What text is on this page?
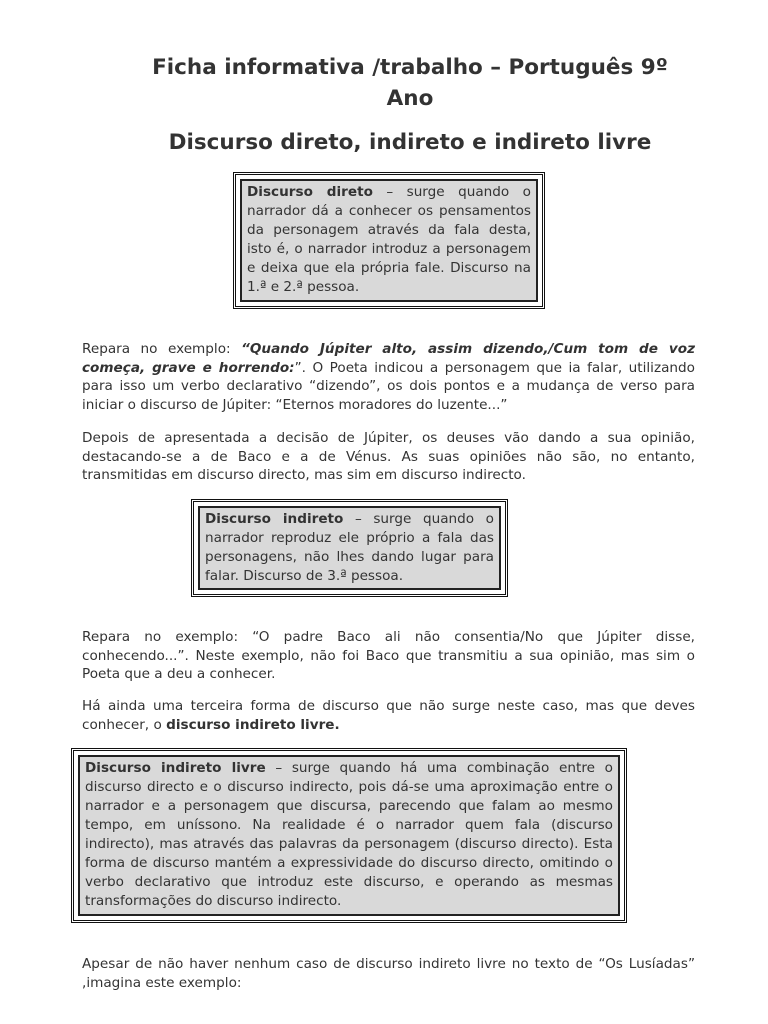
Ficha informativa /trabalho – Português 9º
Ano
Discurso direto, indireto e indireto livre
Discurso direto – surge quando o narrador dá a conhecer os pensamentos da personagem através da fala desta, isto é, o narrador introduz a personagem e deixa que ela própria fale. Discurso na 1.ª e 2.ª pessoa.

Repara no exemplo: “Quando Júpiter alto, assim dizendo,/Cum tom de voz começa, grave e horrendo:”. O Poeta indicou a personagem que ia falar, utilizando para isso um verbo declarativo “dizendo”, os dois pontos e a mudança de verso para iniciar o discurso de Júpiter: “Eternos moradores do luzente...”

Depois de apresentada a decisão de Júpiter, os deuses vão dando a sua opinião, destacando-se a de Baco e a de Vénus. As suas opiniões não são, no entanto, transmitidas em discurso directo, mas sim em discurso indirecto.

Discurso indireto – surge quando o narrador reproduz ele próprio a fala das personagens, não lhes dando lugar para falar. Discurso de 3.ª pessoa.

Repara no exemplo: “O padre Baco ali não consentia/No que Júpiter disse, conhecendo...”. Neste exemplo, não foi Baco que transmitiu a sua opinião, mas sim o Poeta que a deu a conhecer.

Há ainda uma terceira forma de discurso que não surge neste caso, mas que deves conhecer, o discurso indireto livre.

Discurso indireto livre – surge quando há uma combinação entre o discurso directo e o discurso indirecto, pois dá-se uma aproximação entre o narrador e a personagem que discursa, parecendo que falam ao mesmo tempo, em uníssono. Na realidade é o narrador quem fala (discurso indirecto), mas através das palavras da personagem (discurso directo). Esta forma de discurso mantém a expressividade do discurso directo, omitindo o verbo declarativo que introduz este discurso, e operando as mesmas transformações do discurso indirecto.

Apesar de não haver nenhum caso de discurso indireto livre no texto de “Os Lusíadas” ,imagina este exemplo:
